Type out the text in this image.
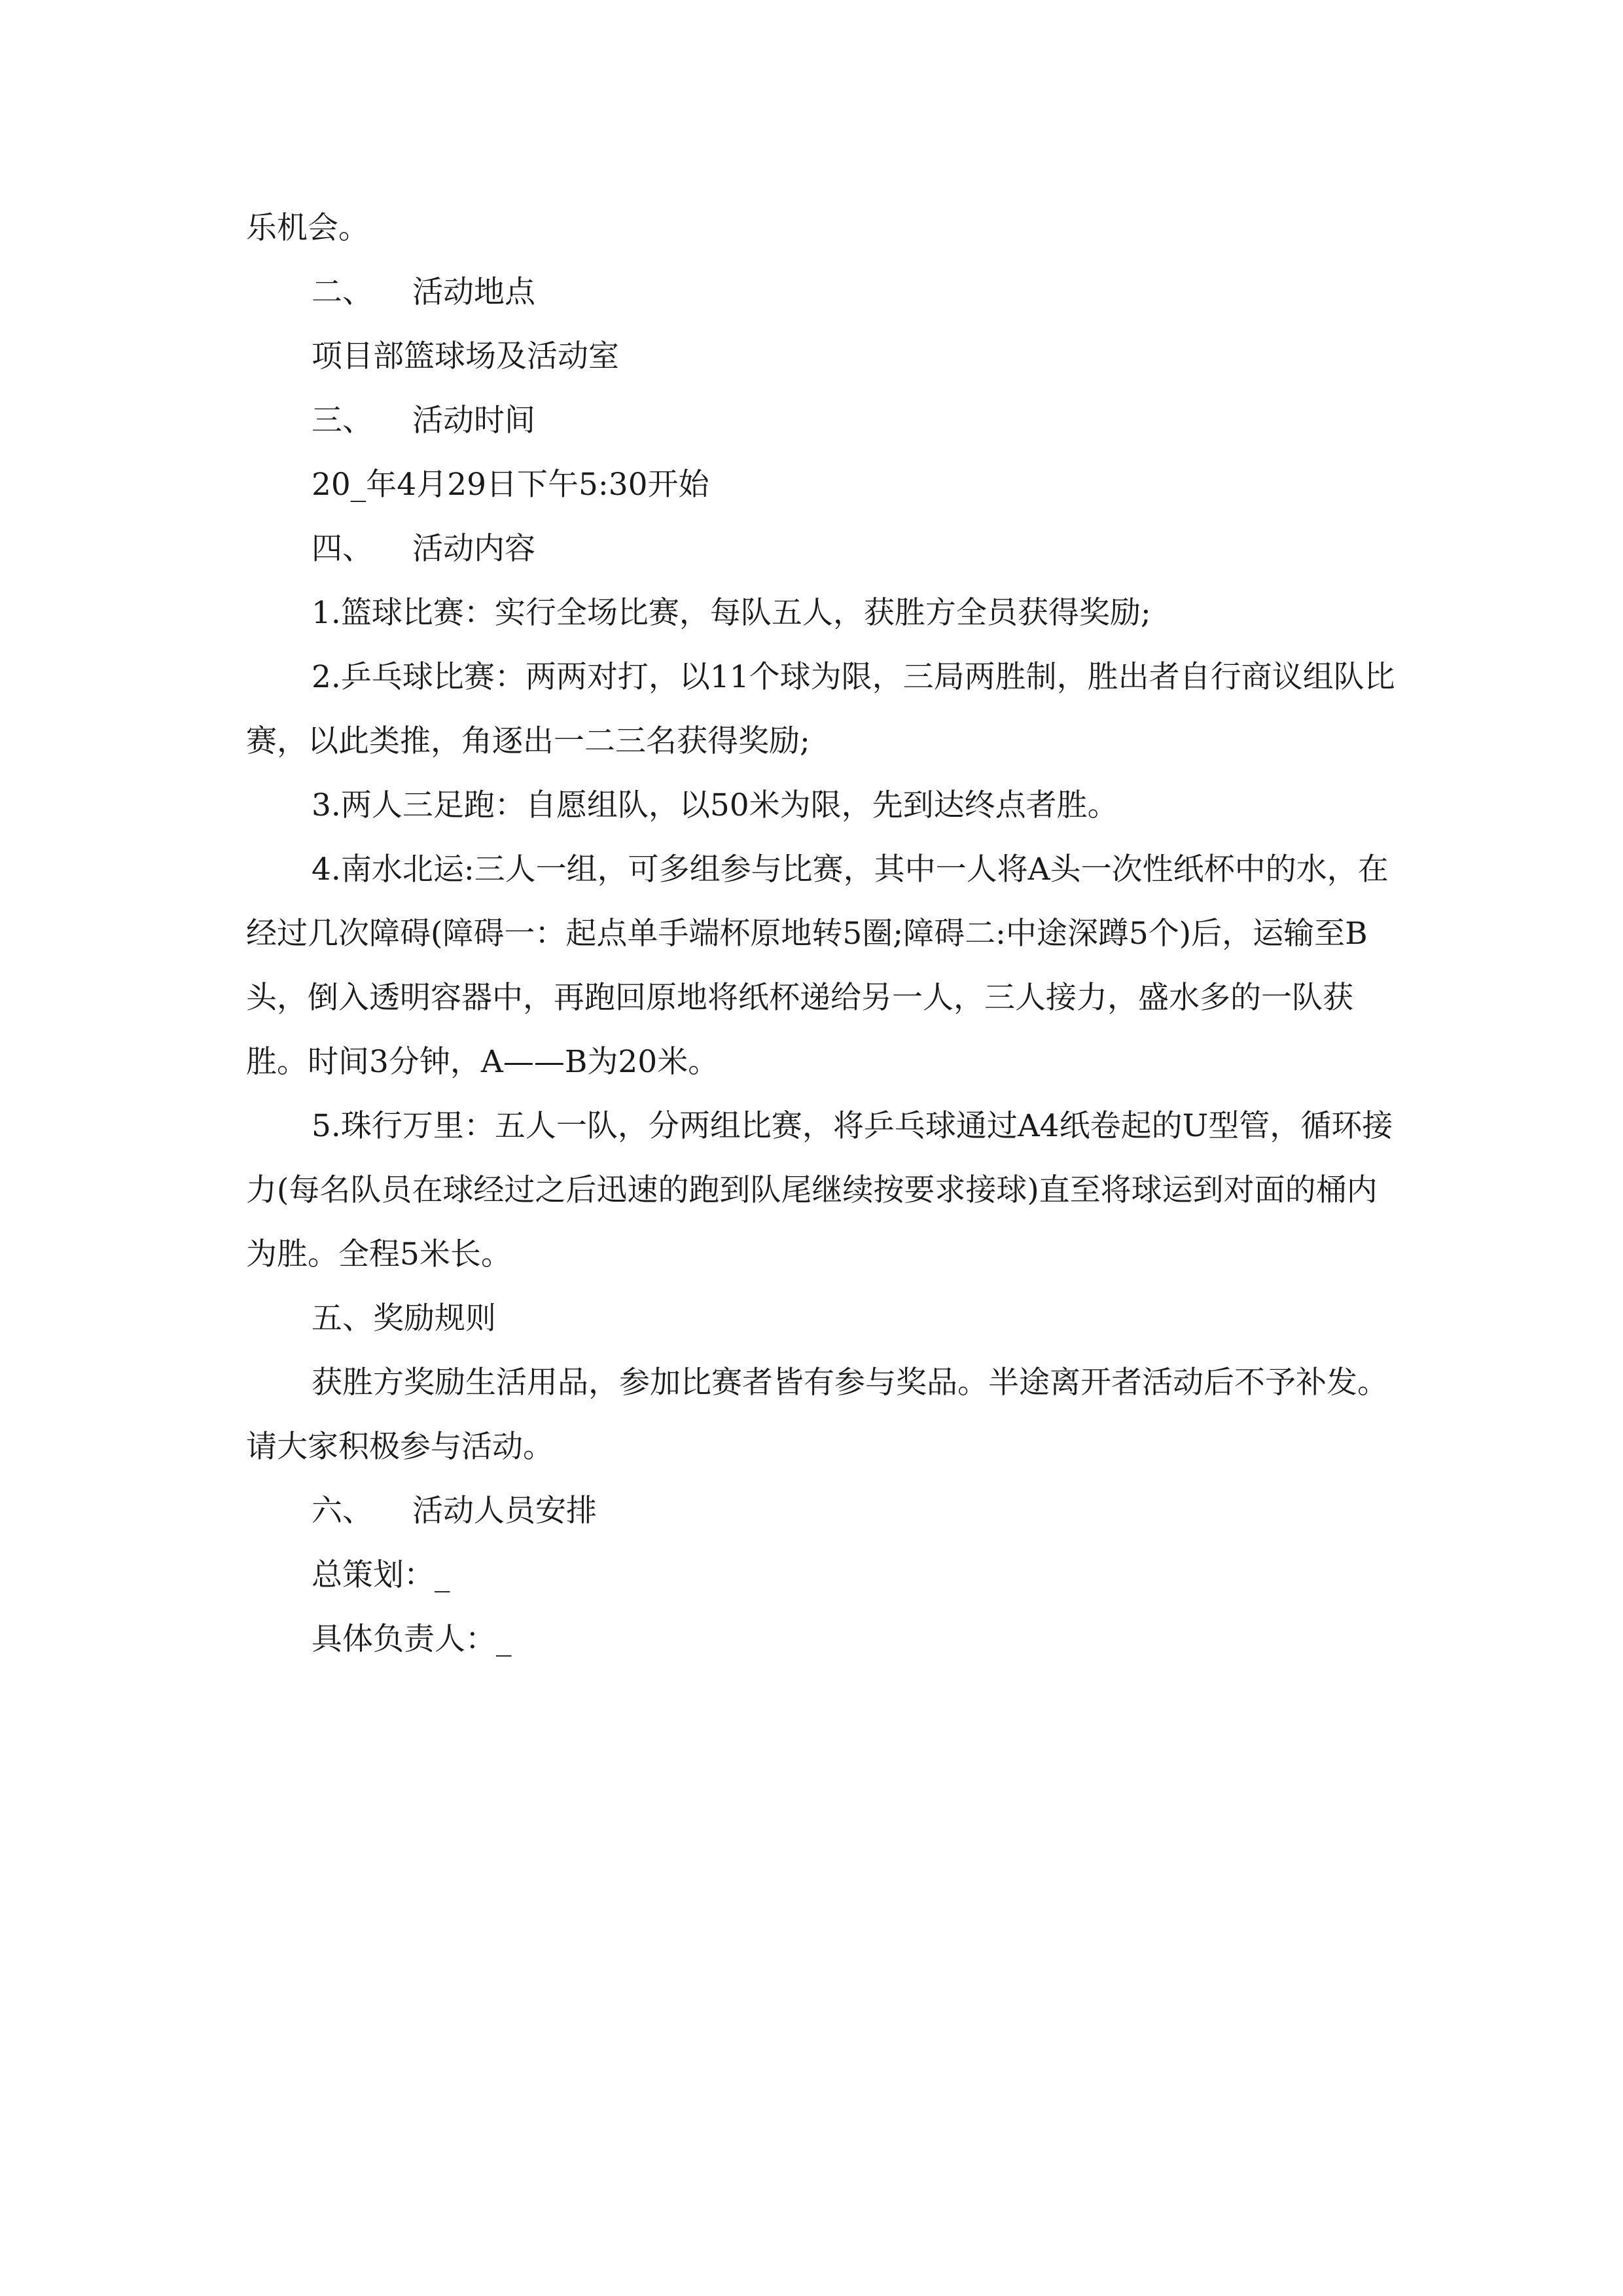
乐机会。

二、 活动地点

项目部篮球场及活动室

三、 活动时间

20_年4月29日下午5:30开始

四、 活动内容

1.篮球比赛：实行全场比赛，每队五人，获胜方全员获得奖励;

2.乒乓球比赛：两两对打，以11个球为限，三局两胜制，胜出者自行商议组队比赛，以此类推，角逐出一二三名获得奖励;

3.两人三足跑：自愿组队，以50米为限，先到达终点者胜。

4.南水北运:三人一组，可多组参与比赛，其中一人将A头一次性纸杯中的水，在经过几次障碍(障碍一：起点单手端杯原地转5圈;障碍二:中途深蹲5个)后，运输至B头，倒入透明容器中，再跑回原地将纸杯递给另一人，三人接力，盛水多的一队获胜。时间3分钟，A——B为20米。

5.珠行万里：五人一队，分两组比赛，将乒乓球通过A4纸卷起的U型管，循环接力(每名队员在球经过之后迅速的跑到队尾继续按要求接球)直至将球运到对面的桶内为胜。全程5米长。

五、奖励规则

获胜方奖励生活用品，参加比赛者皆有参与奖品。半途离开者活动后不予补发。请大家积极参与活动。

六、 活动人员安排

总策划：_

具体负责人：_
